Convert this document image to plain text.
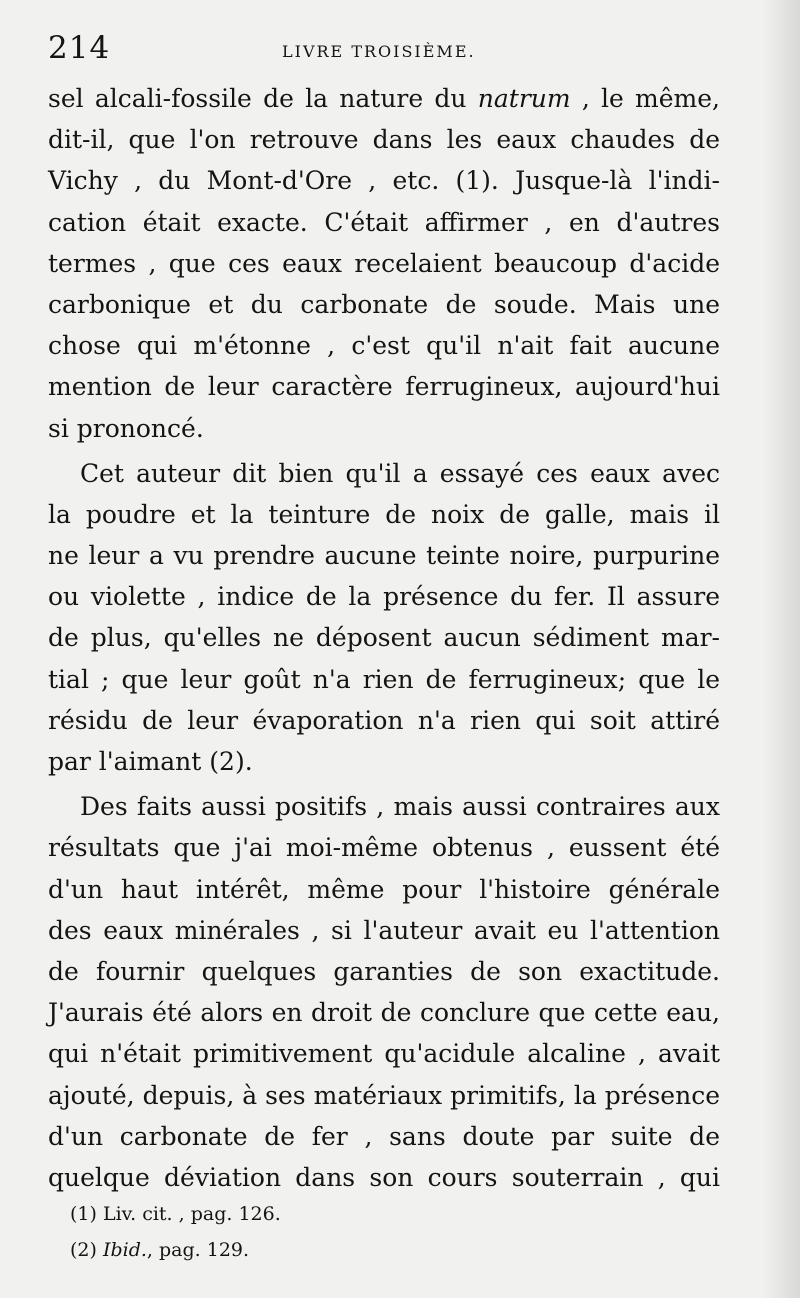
214	LIVRE TROISIÈME.
sel alcali-fossile de la nature du natrum , le même,
dit-il, que l'on retrouve dans les eaux chaudes de
Vichy , du Mont-d'Ore , etc. (1). Jusque-là l'indi-
cation était exacte. C'était affirmer , en d'autres
termes , que ces eaux recelaient beaucoup d'acide
carbonique et du carbonate de soude. Mais une
chose qui m'étonne , c'est qu'il n'ait fait aucune
mention de leur caractère ferrugineux, aujourd'hui
si prononcé.
Cet auteur dit bien qu'il a essayé ces eaux avec
la poudre et la teinture de noix de galle, mais il
ne leur a vu prendre aucune teinte noire, purpurine
ou violette , indice de la présence du fer. Il assure
de plus, qu'elles ne déposent aucun sédiment mar-
tial ; que leur goût n'a rien de ferrugineux; que le
résidu de leur évaporation n'a rien qui soit attiré
par l'aimant (2).
Des faits aussi positifs , mais aussi contraires aux
résultats que j'ai moi-même obtenus , eussent été
d'un haut intérêt, même pour l'histoire générale
des eaux minérales , si l'auteur avait eu l'attention
de fournir quelques garanties de son exactitude.
J'aurais été alors en droit de conclure que cette eau,
qui n'était primitivement qu'acidule alcaline , avait
ajouté, depuis, à ses matériaux primitifs, la présence
d'un carbonate de fer , sans doute par suite de
quelque déviation dans son cours souterrain , qui
(1) Liv. cit. , pag. 126.
(2) Ibid., pag. 129.
